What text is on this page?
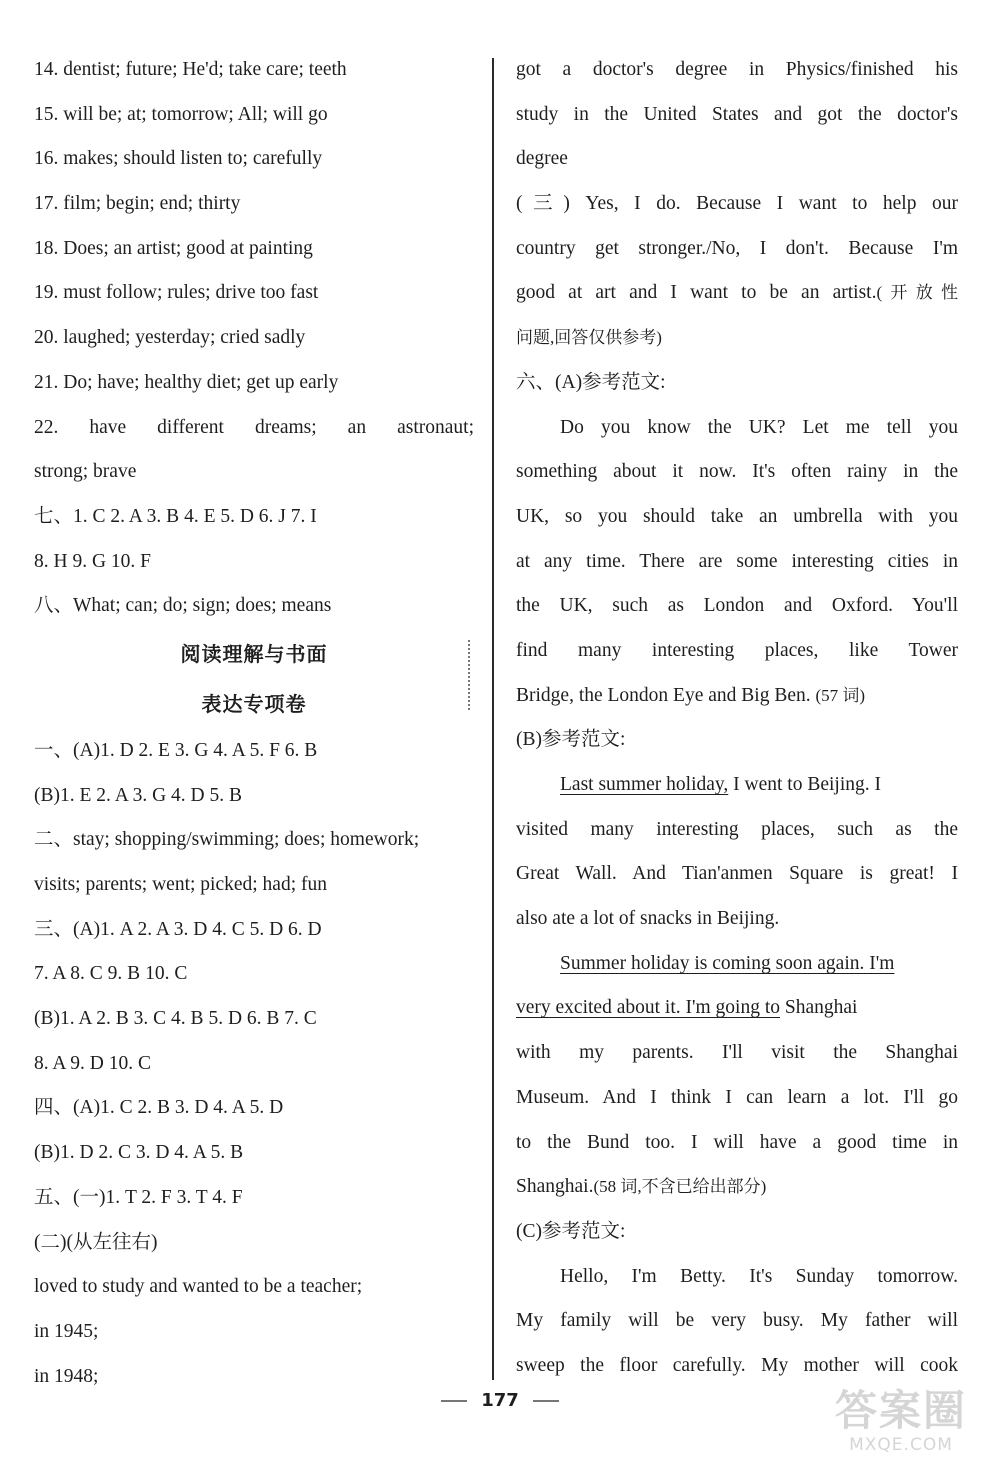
14. dentist; future; He'd; take care; teeth
15. will be; at; tomorrow; All; will go
16. makes; should listen to; carefully
17. film; begin; end; thirty
18. Does; an artist; good at painting
19. must follow; rules; drive too fast
20. laughed; yesterday; cried sadly
21. Do; have; healthy diet; get up early
22. have different dreams; an astronaut;
strong; brave
七、1. C 2. A 3. B 4. E 5. D 6. J 7. I
8. H 9. G 10. F
八、What; can; do; sign; does; means
阅读理解与书面
表达专项卷
一、(A)1. D 2. E 3. G 4. A 5. F 6. B
(B)1. E 2. A 3. G 4. D 5. B
二、stay; shopping/swimming; does; homework;
visits; parents; went; picked; had; fun
三、(A)1. A 2. A 3. D 4. C 5. D 6. D
7. A 8. C 9. B 10. C
(B)1. A 2. B 3. C 4. B 5. D 6. B 7. C
8. A 9. D 10. C
四、(A)1. C 2. B 3. D 4. A 5. D
(B)1. D 2. C 3. D 4. A 5. B
五、(一)1. T 2. F 3. T 4. F
(二)(从左往右)
loved to study and wanted to be a teacher;
in 1945;
in 1948;
got a doctor's degree in Physics/finished his
study in the United States and got the doctor's
degree
(三) Yes, I do. Because I want to help our
country get stronger./No, I don't. Because I'm
good at art and I want to be an artist.(开放性
问题,回答仅供参考)
六、(A)参考范文:
Do you know the UK? Let me tell you
something about it now. It's often rainy in the
UK, so you should take an umbrella with you
at any time. There are some interesting cities in
the UK, such as London and Oxford. You'll
find many interesting places, like Tower
Bridge, the London Eye and Big Ben. (57 词)
(B)参考范文:
Last summer holiday, I went to Beijing. I
visited many interesting places, such as the
Great Wall. And Tian'anmen Square is great! I
also ate a lot of snacks in Beijing.
Summer holiday is coming soon again. I'm
very excited about it. I'm going to Shanghai
with my parents. I'll visit the Shanghai
Museum. And I think I can learn a lot. I'll go
to the Bund too. I will have a good time in
Shanghai.(58 词,不含已给出部分)
(C)参考范文:
Hello, I'm Betty. It's Sunday tomorrow.
My family will be very busy. My father will
sweep the floor carefully. My mother will cook
177	答案圈
MXQE.COM
